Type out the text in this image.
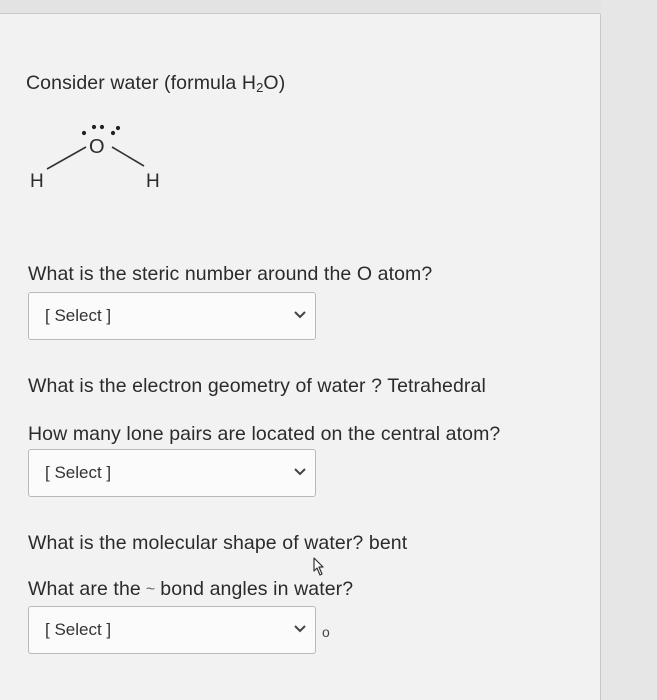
Consider water (formula $H_2O$)
O
H	H
What is the steric number around the O atom?
[ Select ]
What is the electron geometry of water ? Tetrahedral
How many lone pairs are located on the central atom?
[ Select ]
What is the molecular shape of water? bent
What are the ~ bond angles in water?
[ Select ]	o
